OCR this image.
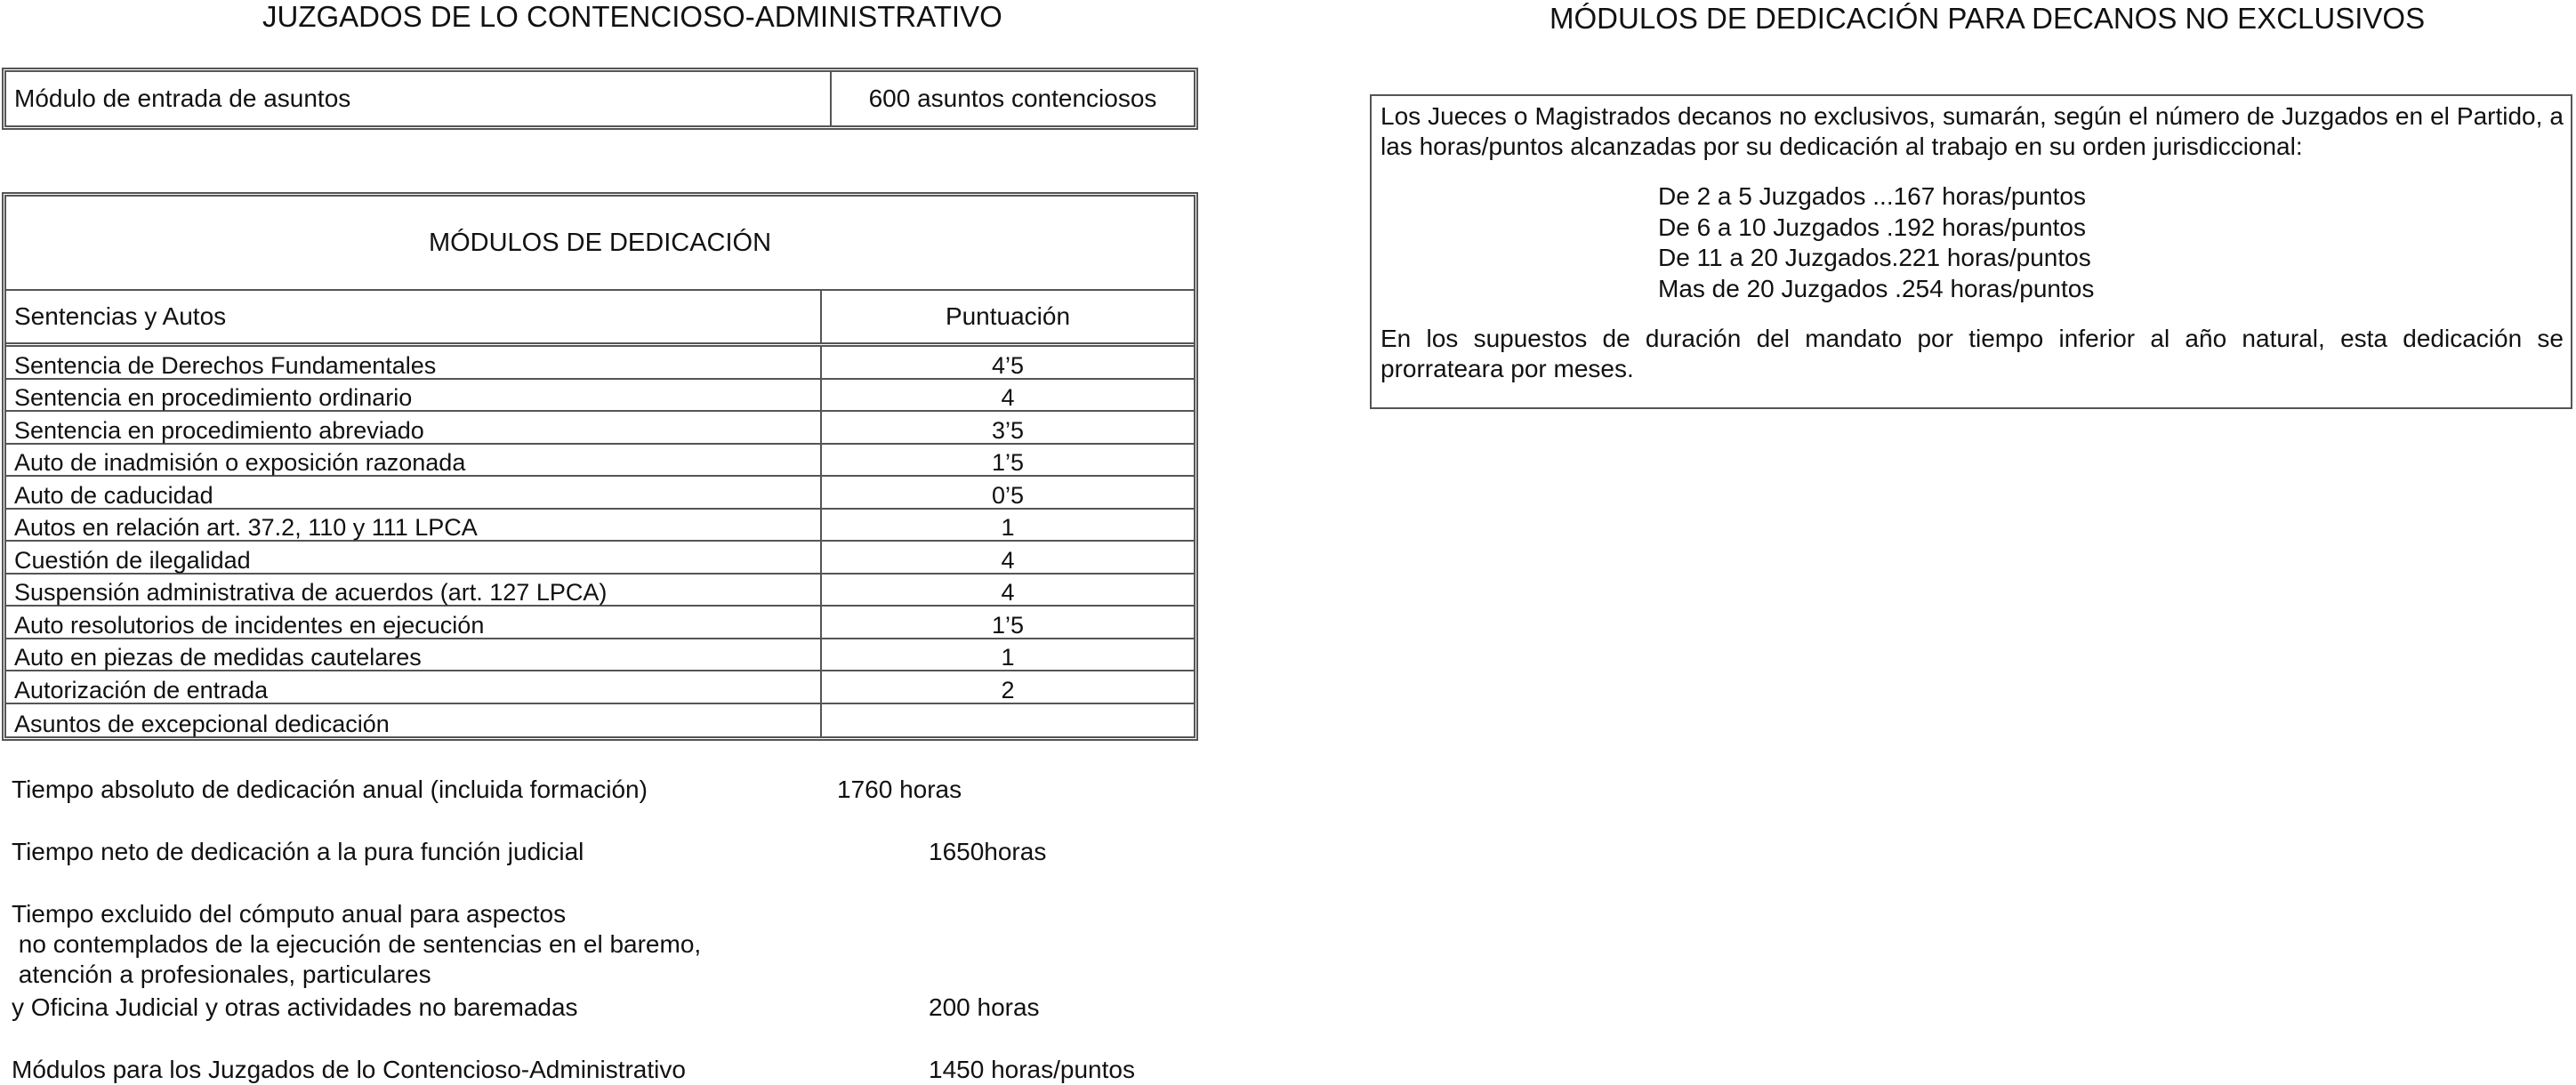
JUZGADOS DE LO CONTENCIOSO-ADMINISTRATIVO	MÓDULOS DE DEDICACIÓN PARA DECANOS NO EXCLUSIVOS
Módulo de entrada de asuntos	600 asuntos contenciosos
MÓDULOS DE DEDICACIÓN
Sentencias y Autos	Puntuación
Sentencia de Derechos Fundamentales	4’5
Sentencia en procedimiento ordinario	4
Sentencia en procedimiento abreviado	3’5
Auto de inadmisión o exposición razonada	1’5
Auto de caducidad	0’5
Autos en relación art. 37.2, 110 y 111 LPCA	1
Cuestión de ilegalidad	4
Suspensión administrativa de acuerdos (art. 127 LPCA)	4
Auto resolutorios de incidentes en ejecución	1’5
Auto en piezas de medidas cautelares	1
Autorización de entrada	2
Asuntos de excepcional dedicación
Tiempo absoluto de dedicación anual (incluida formación)	1760 horas
Tiempo neto de dedicación a la pura función judicial	1650horas
Tiempo excluido del cómputo anual para aspectos
no contemplados de la ejecución de sentencias en el baremo,
atención a profesionales, particulares
y Oficina Judicial y otras actividades no baremadas	200 horas
Módulos para los Juzgados de lo Contencioso-Administrativo	1450 horas/puntos
Los Jueces o Magistrados decanos no exclusivos, sumarán, según el número de Juzgados en el Partido, a las horas/puntos alcanzadas por su dedicación al trabajo en su orden jurisdiccional:
De 2 a 5 Juzgados ...167 horas/puntos
De 6 a 10 Juzgados .192 horas/puntos
De 11 a 20 Juzgados.221 horas/puntos
Mas de 20 Juzgados .254 horas/puntos
En los supuestos de duración del mandato por tiempo inferior al año natural, esta dedicación se prorrateara por meses.
